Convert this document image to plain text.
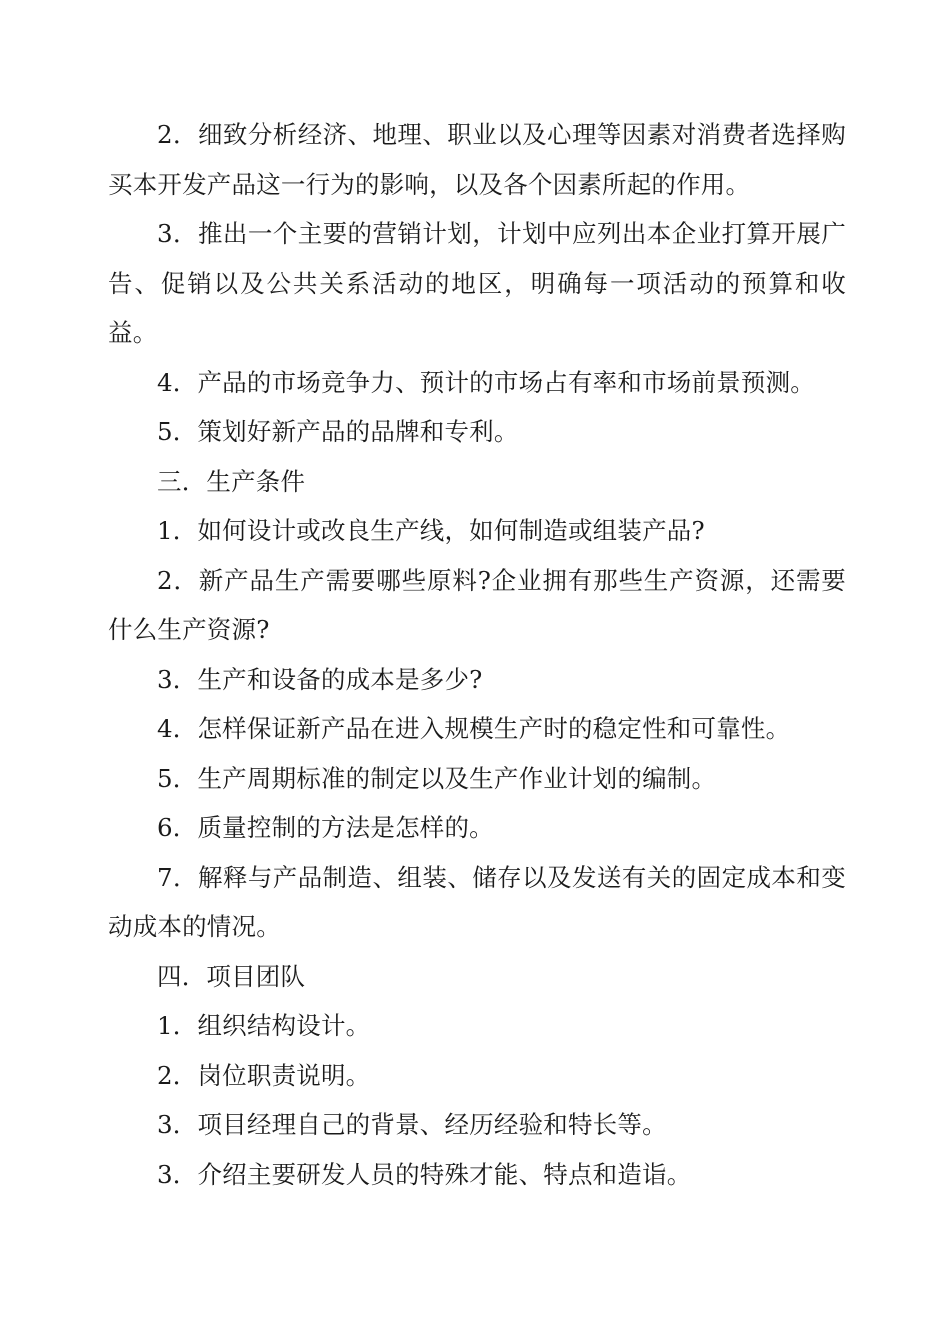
2．细致分析经济、地理、职业以及心理等因素对消费者选择购买本开发产品这一行为的影响，以及各个因素所起的作用。

3．推出一个主要的营销计划，计划中应列出本企业打算开展广告、促销以及公共关系活动的地区，明确每一项活动的预算和收益。

4．产品的市场竞争力、预计的市场占有率和市场前景预测。

5．策划好新产品的品牌和专利。

三．生产条件

1．如何设计或改良生产线，如何制造或组装产品?

2．新产品生产需要哪些原料?企业拥有那些生产资源，还需要什么生产资源?

3．生产和设备的成本是多少?

4．怎样保证新产品在进入规模生产时的稳定性和可靠性。

5．生产周期标准的制定以及生产作业计划的编制。

6．质量控制的方法是怎样的。

7．解释与产品制造、组装、储存以及发送有关的固定成本和变动成本的情况。

四．项目团队

1．组织结构设计。

2．岗位职责说明。

3．项目经理自己的背景、经历经验和特长等。

3．介绍主要研发人员的特殊才能、特点和造诣。
